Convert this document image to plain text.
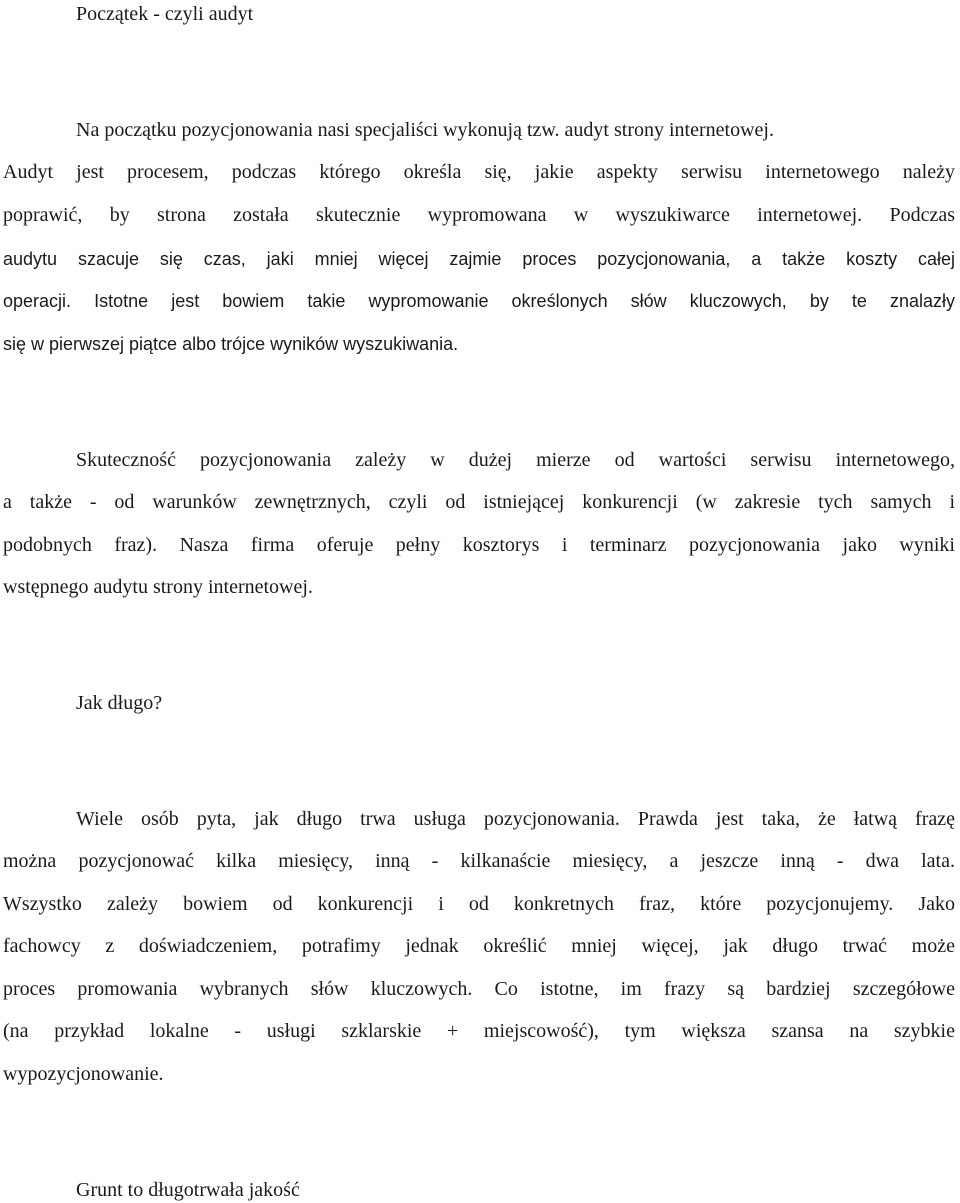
Początek - czyli audyt
Na początku pozycjonowania nasi specjaliści wykonują tzw. audyt strony internetowej.
Audyt jest procesem, podczas którego określa się, jakie aspekty serwisu internetowego należy
poprawić, by strona została skutecznie wypromowana w wyszukiwarce internetowej. Podczas
audytu szacuje się czas, jaki mniej więcej zajmie proces pozycjonowania, a także koszty całej
operacji. Istotne jest bowiem takie wypromowanie określonych słów kluczowych, by te znalazły
się w pierwszej piątce albo trójce wyników wyszukiwania.
Skuteczność pozycjonowania zależy w dużej mierze od wartości serwisu internetowego,
a także - od warunków zewnętrznych, czyli od istniejącej konkurencji (w zakresie tych samych i
podobnych fraz). Nasza firma oferuje pełny kosztorys i terminarz pozycjonowania jako wyniki
wstępnego audytu strony internetowej.
Jak długo?
Wiele osób pyta, jak długo trwa usługa pozycjonowania. Prawda jest taka, że łatwą frazę
można pozycjonować kilka miesięcy, inną - kilkanaście miesięcy, a jeszcze inną - dwa lata.
Wszystko zależy bowiem od konkurencji i od konkretnych fraz, które pozycjonujemy. Jako
fachowcy z doświadczeniem, potrafimy jednak określić mniej więcej, jak długo trwać może
proces promowania wybranych słów kluczowych. Co istotne, im frazy są bardziej szczegółowe
(na przykład lokalne - usługi szklarskie + miejscowość), tym większa szansa na szybkie
wypozycjonowanie.
Grunt to długotrwała jakość
